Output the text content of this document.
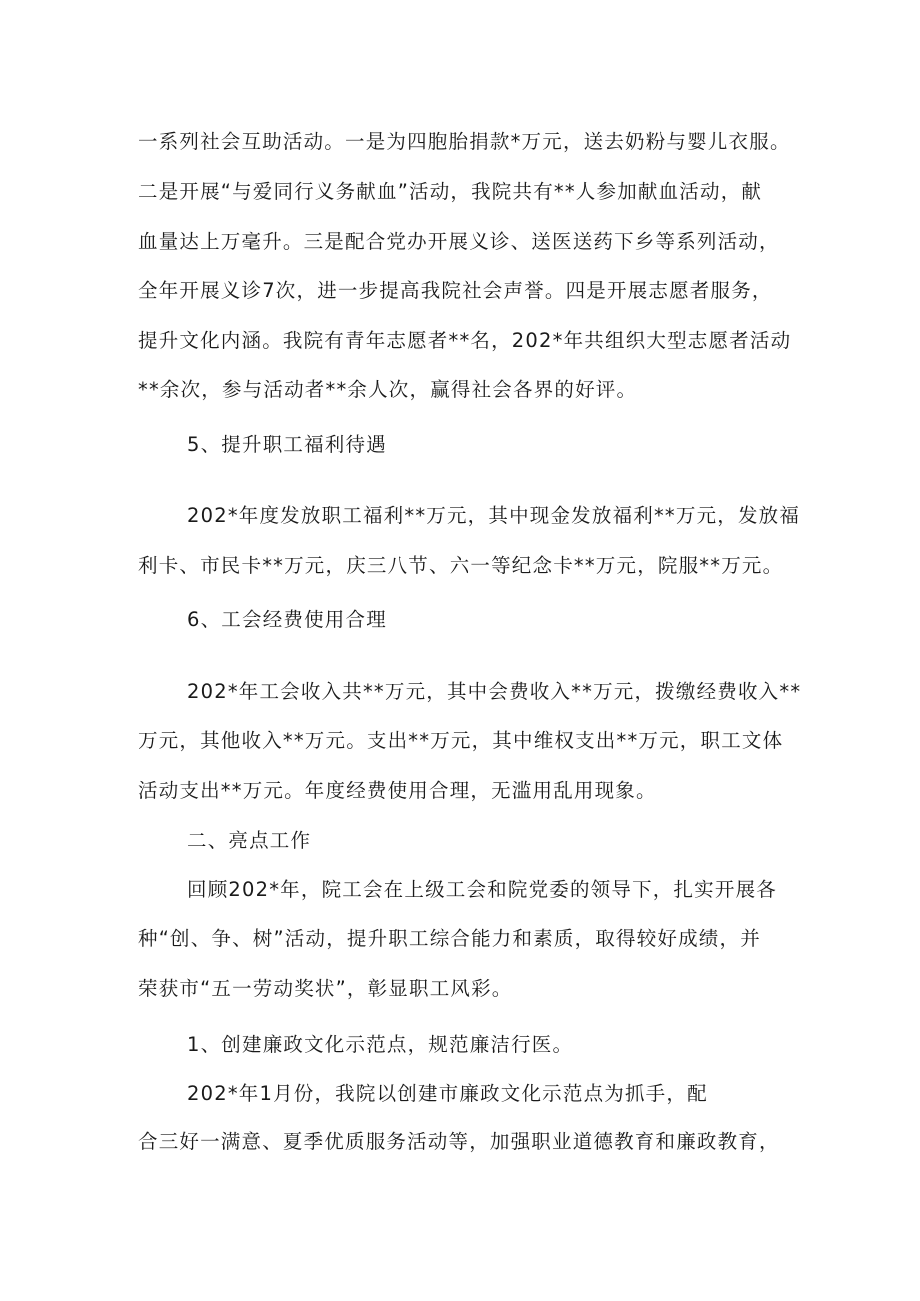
一系列社会互助活动。一是为四胞胎捐款*万元，送去奶粉与婴儿衣服。
二是开展“与爱同行义务献血”活动，我院共有**人参加献血活动，献
血量达上万毫升。三是配合党办开展义诊、送医送药下乡等系列活动，
全年开展义诊7次，进一步提高我院社会声誉。四是开展志愿者服务，
提升文化内涵。我院有青年志愿者**名，202*年共组织大型志愿者活动
**余次，参与活动者**余人次，赢得社会各界的好评。
5、提升职工福利待遇
202*年度发放职工福利**万元，其中现金发放福利**万元，发放福
利卡、市民卡**万元，庆三八节、六一等纪念卡**万元，院服**万元。
6、工会经费使用合理
202*年工会收入共**万元，其中会费收入**万元，拨缴经费收入**
万元，其他收入**万元。支出**万元，其中维权支出**万元，职工文体
活动支出**万元。年度经费使用合理，无滥用乱用现象。
二、亮点工作
回顾202*年，院工会在上级工会和院党委的领导下，扎实开展各
种“创、争、树”活动，提升职工综合能力和素质，取得较好成绩，并
荣获市“五一劳动奖状”，彰显职工风彩。
1、创建廉政文化示范点，规范廉洁行医。
202*年1月份，我院以创建市廉政文化示范点为抓手，配
合三好一满意、夏季优质服务活动等，加强职业道德教育和廉政教育，
